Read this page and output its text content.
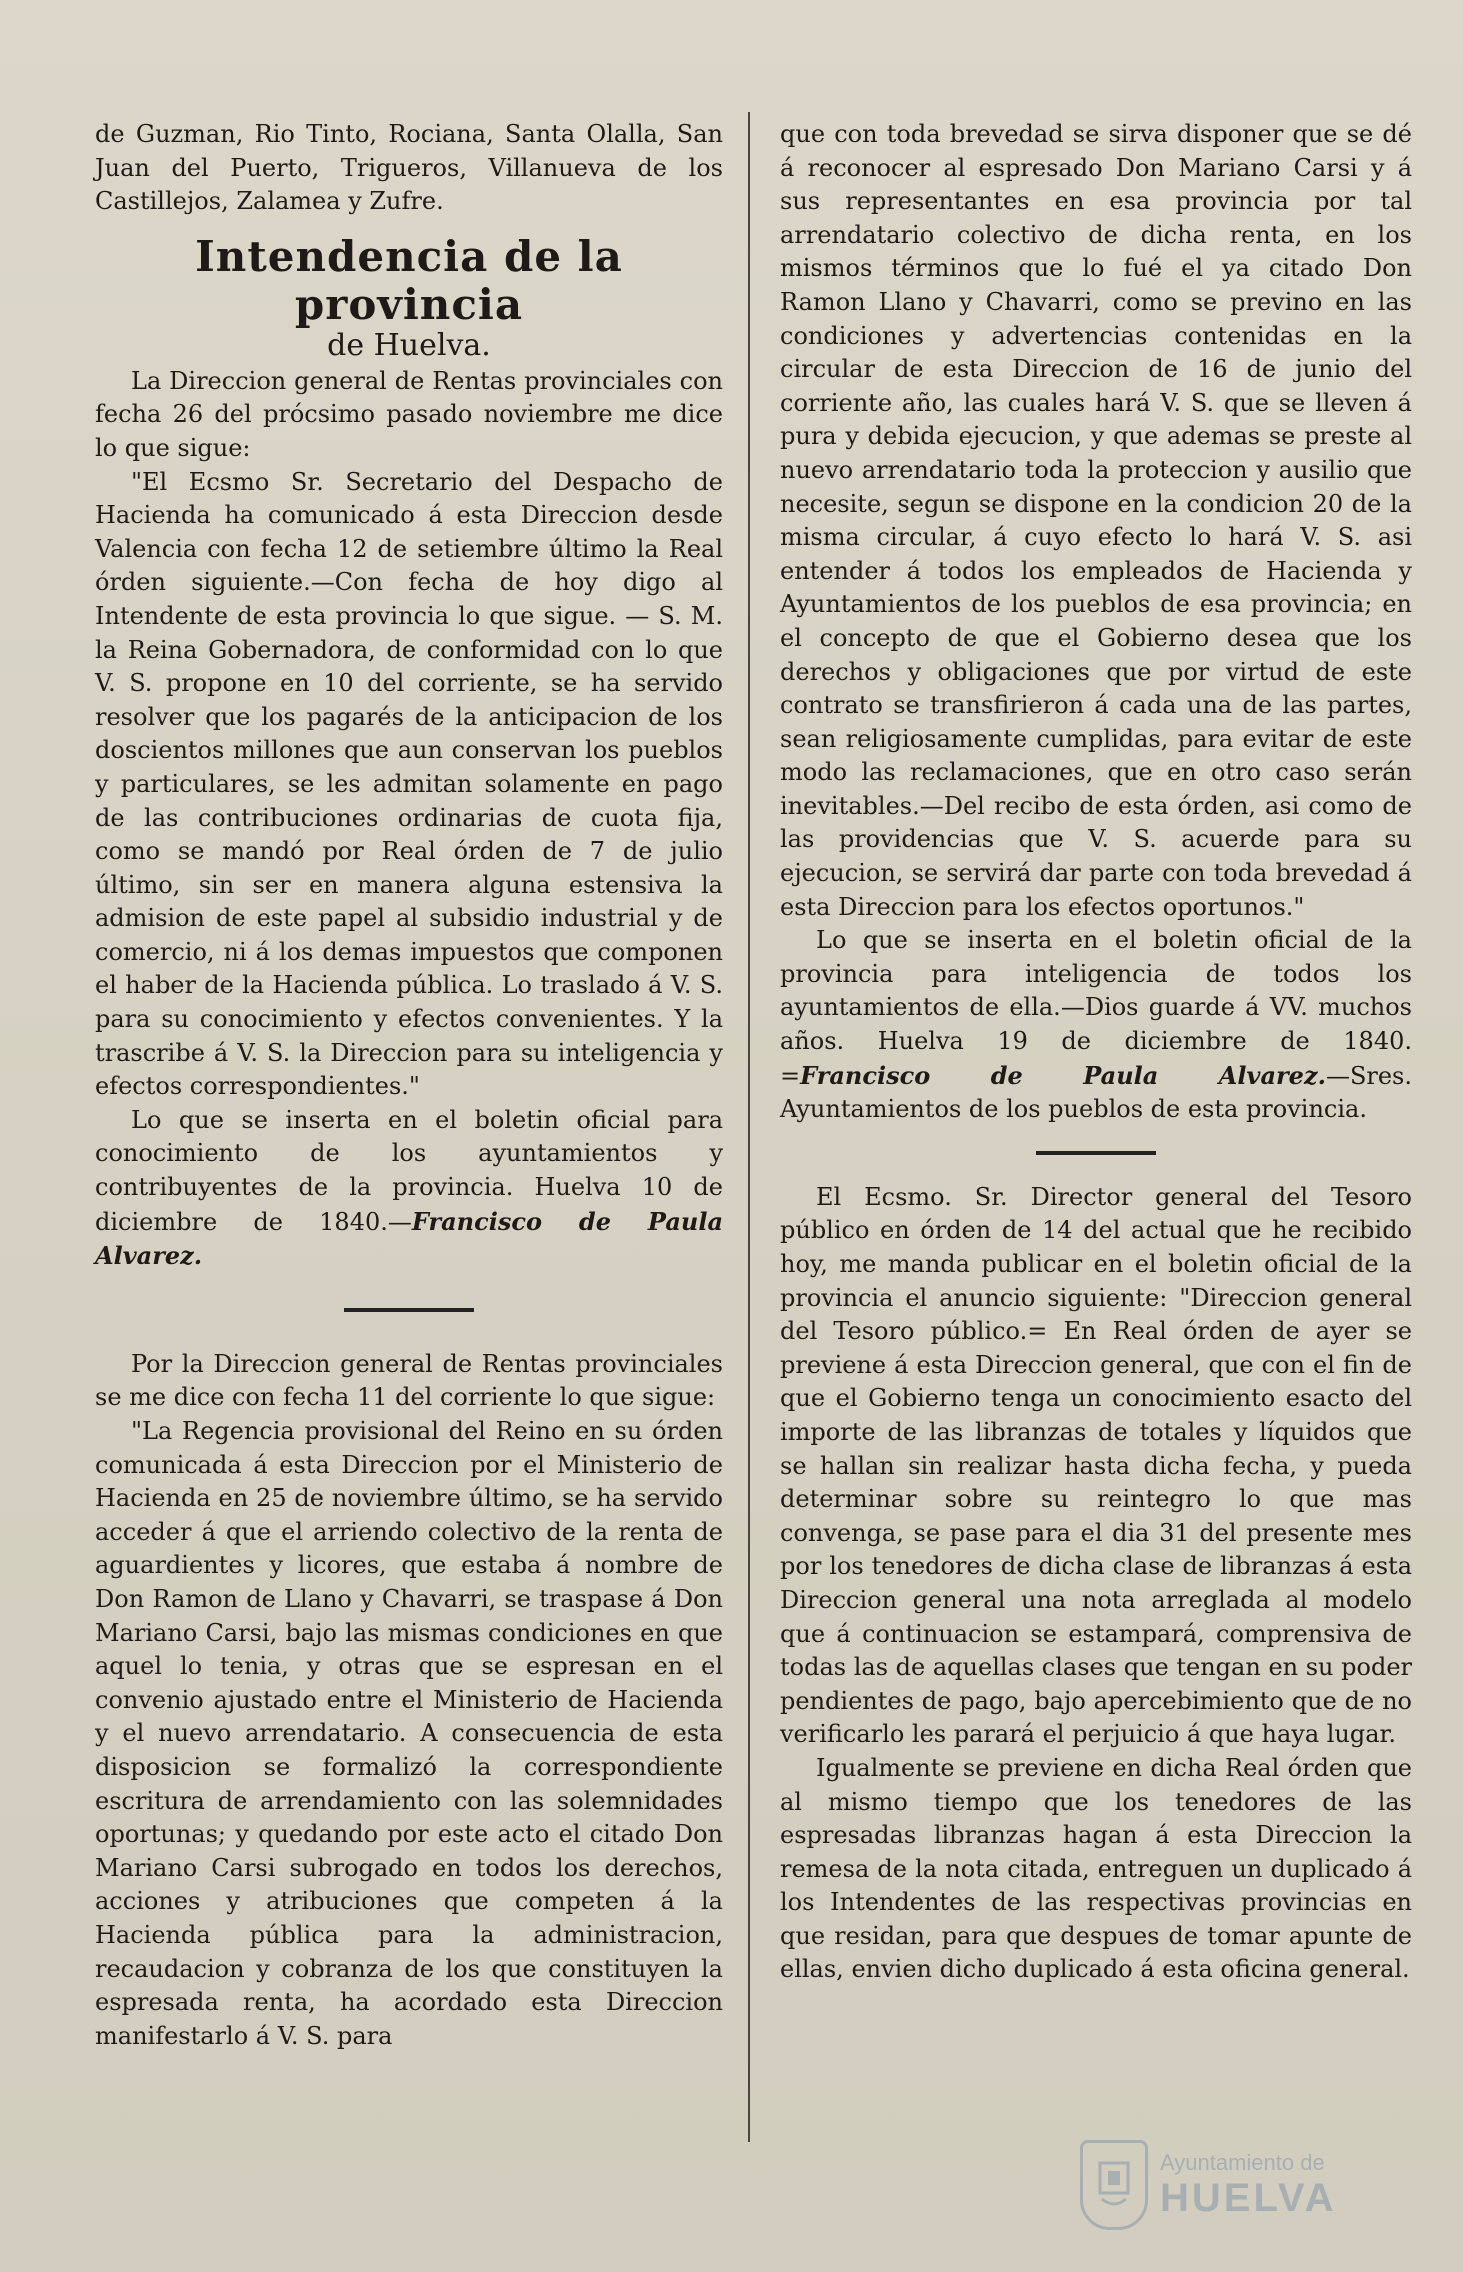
de Guzman, Rio Tinto, Rociana, Santa Olalla, San Juan del Puerto, Trigueros, Villanueva de los Castillejos, Zalamea y Zufre.

Intendencia de la provincia

de Huelva.

La Direccion general de Rentas provinciales con fecha 26 del prócsimo pasado noviembre me dice lo que sigue:

"El Ecsmo Sr. Secretario del Despacho de Hacienda ha comunicado á esta Direccion desde Valencia con fecha 12 de setiembre último la Real órden siguiente.—Con fecha de hoy digo al Intendente de esta provincia lo que sigue. — S. M. la Reina Gobernadora, de conformidad con lo que V. S. propone en 10 del corriente, se ha servido resolver que los pagarés de la anticipacion de los doscientos millones que aun conservan los pueblos y particulares, se les admitan solamente en pago de las contribuciones ordinarias de cuota fija, como se mandó por Real órden de 7 de julio último, sin ser en manera alguna estensiva la admision de este papel al subsidio industrial y de comercio, ni á los demas impuestos que componen el haber de la Hacienda pública. Lo traslado á V. S. para su conocimiento y efectos convenientes. Y la trascribe á V. S. la Direccion para su inteligencia y efectos correspondientes."

Lo que se inserta en el boletin oficial para conocimiento de los ayuntamientos y contribuyentes de la provincia. Huelva 10 de diciembre de 1840.—Francisco de Paula Alvarez.

Por la Direccion general de Rentas provinciales se me dice con fecha 11 del corriente lo que sigue:

"La Regencia provisional del Reino en su órden comunicada á esta Direccion por el Ministerio de Hacienda en 25 de noviembre último, se ha servido acceder á que el arriendo colectivo de la renta de aguardientes y licores, que estaba á nombre de Don Ramon de Llano y Chavarri, se traspase á Don Mariano Carsi, bajo las mismas condiciones en que aquel lo tenia, y otras que se espresan en el convenio ajustado entre el Ministerio de Hacienda y el nuevo arrendatario. A consecuencia de esta disposicion se formalizó la correspondiente escritura de arrendamiento con las solemnidades oportunas; y quedando por este acto el citado Don Mariano Carsi subrogado en todos los derechos, acciones y atribuciones que competen á la Hacienda pública para la administracion, recaudacion y cobranza de los que constituyen la espresada renta, ha acordado esta Direccion manifestarlo á V. S. para

que con toda brevedad se sirva disponer que se dé á reconocer al espresado Don Mariano Carsi y á sus representantes en esa provincia por tal arrendatario colectivo de dicha renta, en los mismos términos que lo fué el ya citado Don Ramon Llano y Chavarri, como se previno en las condiciones y advertencias contenidas en la circular de esta Direccion de 16 de junio del corriente año, las cuales hará V. S. que se lleven á pura y debida ejecucion, y que ademas se preste al nuevo arrendatario toda la proteccion y ausilio que necesite, segun se dispone en la condicion 20 de la misma circular, á cuyo efecto lo hará V. S. asi entender á todos los empleados de Hacienda y Ayuntamientos de los pueblos de esa provincia; en el concepto de que el Gobierno desea que los derechos y obligaciones que por virtud de este contrato se transfirieron á cada una de las partes, sean religiosamente cumplidas, para evitar de este modo las reclamaciones, que en otro caso serán inevitables.—Del recibo de esta órden, asi como de las providencias que V. S. acuerde para su ejecucion, se servirá dar parte con toda brevedad á esta Direccion para los efectos oportunos."

Lo que se inserta en el boletin oficial de la provincia para inteligencia de todos los ayuntamientos de ella.—Dios guarde á VV. muchos años. Huelva 19 de diciembre de 1840. =Francisco de Paula Alvarez.—Sres. Ayuntamientos de los pueblos de esta provincia.

El Ecsmo. Sr. Director general del Tesoro público en órden de 14 del actual que he recibido hoy, me manda publicar en el boletin oficial de la provincia el anuncio siguiente: "Direccion general del Tesoro público.= En Real órden de ayer se previene á esta Direccion general, que con el fin de que el Gobierno tenga un conocimiento esacto del importe de las libranzas de totales y líquidos que se hallan sin realizar hasta dicha fecha, y pueda determinar sobre su reintegro lo que mas convenga, se pase para el dia 31 del presente mes por los tenedores de dicha clase de libranzas á esta Direccion general una nota arreglada al modelo que á continuacion se estampará, comprensiva de todas las de aquellas clases que tengan en su poder pendientes de pago, bajo apercebimiento que de no verificarlo les parará el perjuicio á que haya lugar.

Igualmente se previene en dicha Real órden que al mismo tiempo que los tenedores de las espresadas libranzas hagan á esta Direccion la remesa de la nota citada, entreguen un duplicado á los Intendentes de las respectivas provincias en que residan, para que despues de tomar apunte de ellas, envien dicho duplicado á esta oficina general.

Ayuntamiento de
HUELVA
